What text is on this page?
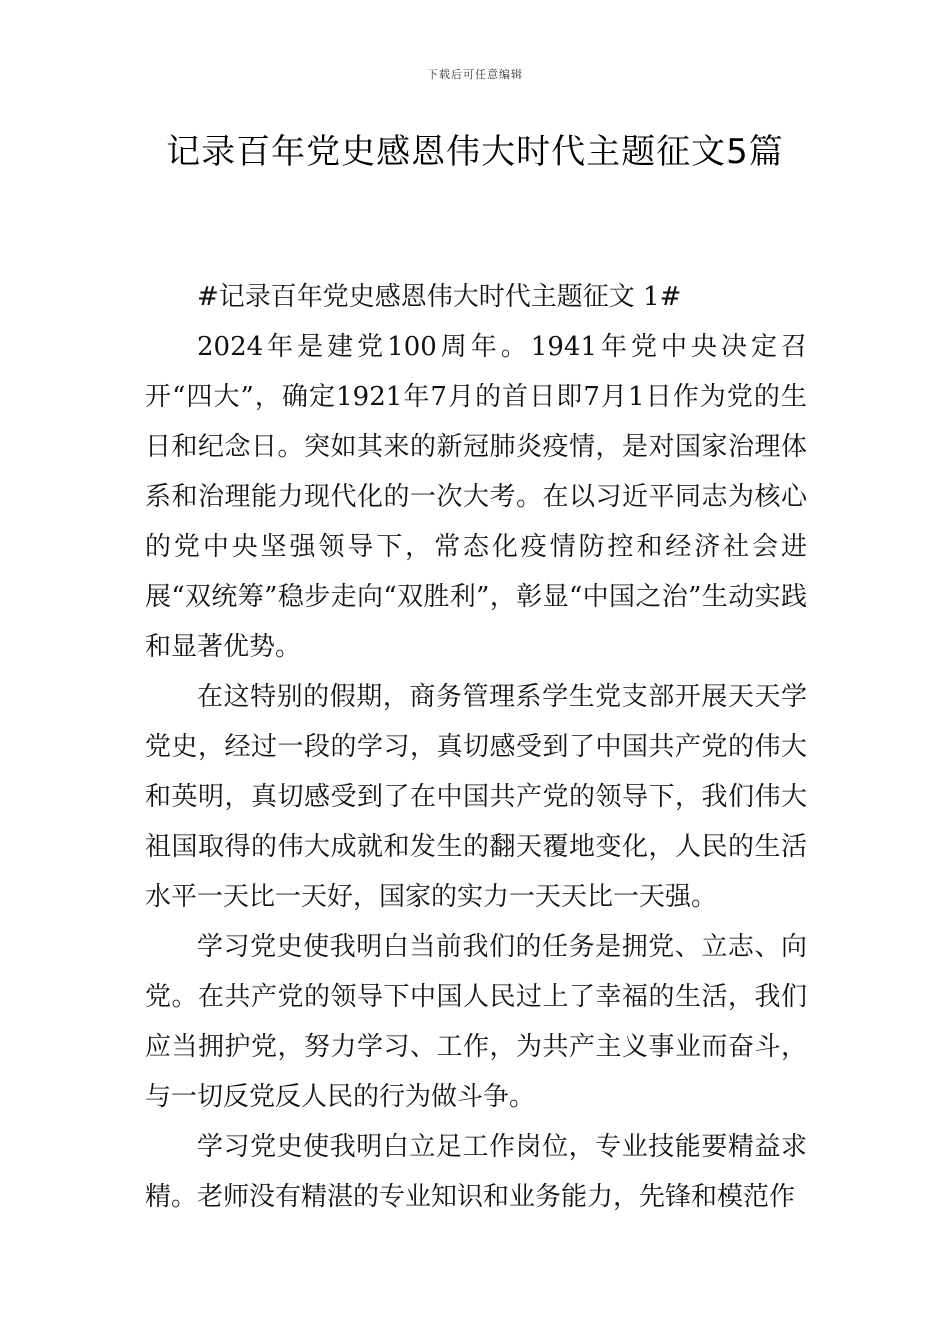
下载后可任意编辑
记录百年党史感恩伟大时代主题征文5篇

#记录百年党史感恩伟大时代主题征文 1#

2024年是建党100周年。1941年党中央决定召开“四大”，确定1921年7月的首日即7月1日作为党的生日和纪念日。突如其来的新冠肺炎疫情，是对国家治理体系和治理能力现代化的一次大考。在以习近平同志为核心的党中央坚强领导下，常态化疫情防控和经济社会进展“双统筹”稳步走向“双胜利”，彰显“中国之治”生动实践和显著优势。

在这特别的假期，商务管理系学生党支部开展天天学党史，经过一段的学习，真切感受到了中国共产党的伟大和英明，真切感受到了在中国共产党的领导下，我们伟大祖国取得的伟大成就和发生的翻天覆地变化，人民的生活水平一天比一天好，国家的实力一天天比一天强。

学习党史使我明白当前我们的任务是拥党、立志、向党。在共产党的领导下中国人民过上了幸福的生活，我们应当拥护党，努力学习、工作，为共产主义事业而奋斗，与一切反党反人民的行为做斗争。

学习党史使我明白立足工作岗位，专业技能要精益求精。老师没有精湛的专业知识和业务能力，先锋和模范作
